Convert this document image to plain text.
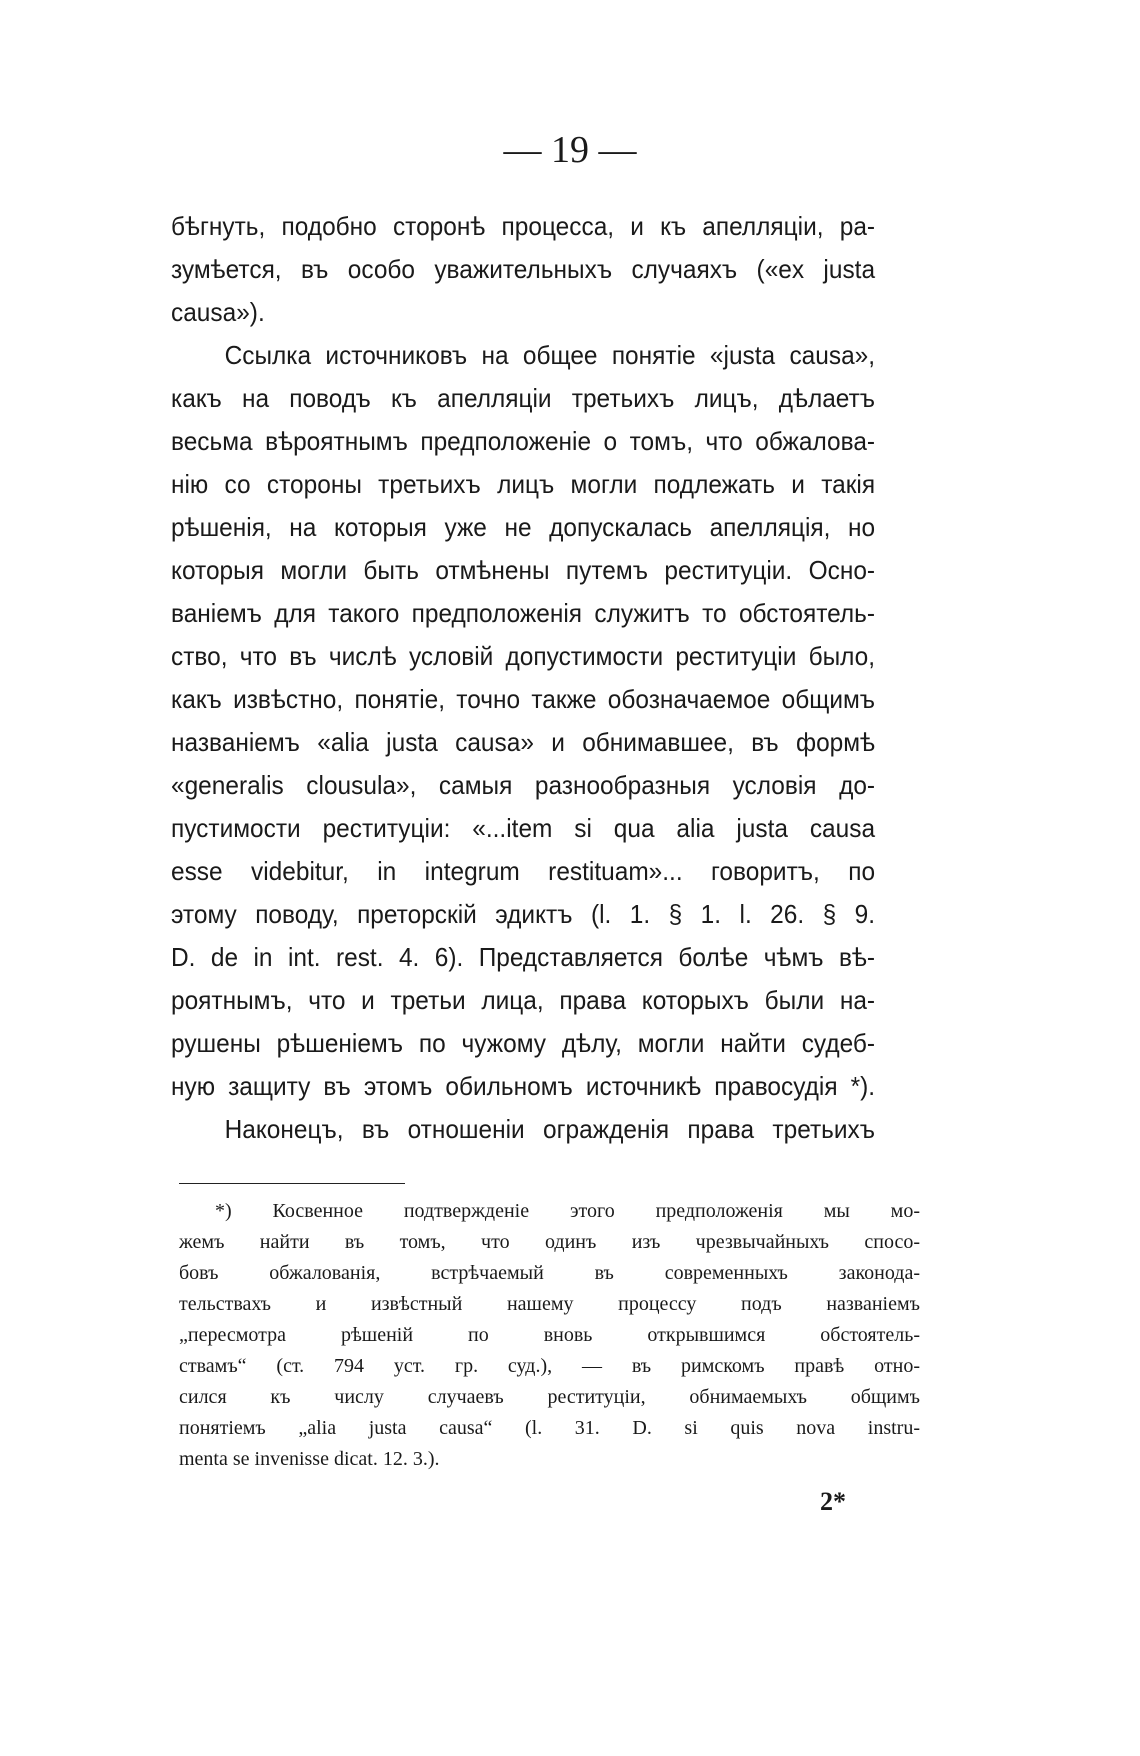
— 19 —
бѣгнуть, подобно сторонѣ процесса, и къ апелляціи, ра-
зумѣется, въ особо уважительныхъ случаяхъ («ex justa
causa»).
Ссылка источниковъ на общее понятіе «justa causa»,
какъ на поводъ къ апелляціи третьихъ лицъ, дѣлаетъ
весьма вѣроятнымъ предположеніе о томъ, что обжалова-
нію со стороны третьихъ лицъ могли подлежать и такія
рѣшенія, на которыя уже не допускалась апелляція, но
которыя могли быть отмѣнены путемъ реституціи. Осно-
ваніемъ для такого предположенія служитъ то обстоятель-
ство, что въ числѣ условій допустимости реституціи было,
какъ извѣстно, понятіе, точно также обозначаемое общимъ
названіемъ «alia justa causa» и обнимавшее, въ формѣ
«generalis clousula», самыя разнообразныя условія до-
пустимости реституціи: «...item si qua alia justa causa
esse videbitur, in integrum restituam»... говоритъ, по
этому поводу, преторскій эдиктъ (l. 1. § 1. l. 26. § 9.
D. de in int. rest. 4. 6). Представляется болѣе чѣмъ вѣ-
роятнымъ, что и третьи лица, права которыхъ были на-
рушены рѣшеніемъ по чужому дѣлу, могли найти судеб-
ную защиту въ этомъ обильномъ источникѣ правосудія *).
Наконецъ, въ отношеніи огражденія права третьихъ
*) Косвенное подтвержденіе этого предположенія мы мо-
жемъ найти въ томъ, что одинъ изъ чрезвычайныхъ спосо-
бовъ обжалованія, встрѣчаемый въ современныхъ законода-
тельствахъ и извѣстный нашему процессу подъ названіемъ
„пересмотра рѣшеній по вновь открывшимся обстоятель-
ствамъ“ (ст. 794 уст. гр. суд.), — въ римскомъ правѣ отно-
сился къ числу случаевъ реституціи, обнимаемыхъ общимъ
понятіемъ „alia justa causa“ (l. 31. D. si quis nova instru-
menta se invenisse dicat. 12. 3.).
2*
